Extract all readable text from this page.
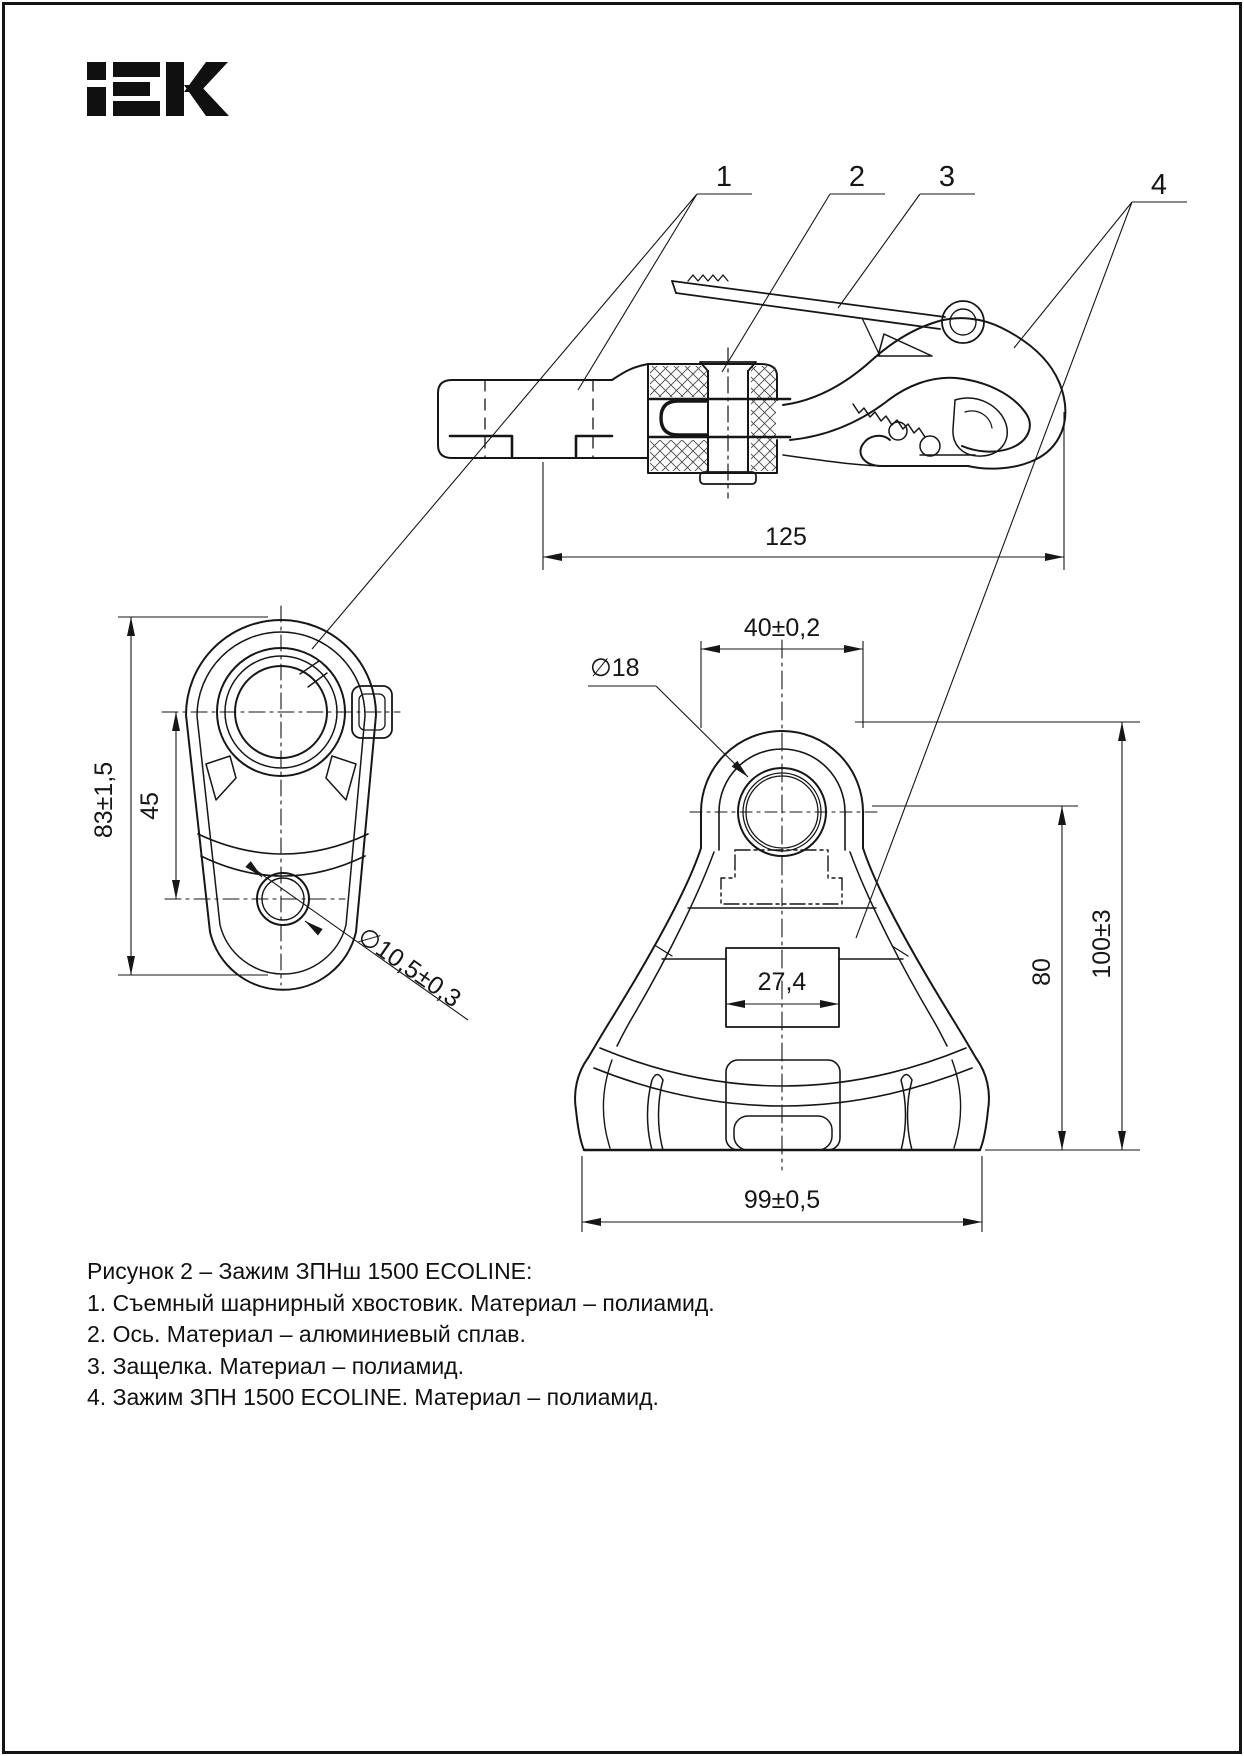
125
1	2	3	4
83±1,5 45
∅10,5±0,3
40±0,2
∅18
27,4	80 100±3
99±0,5
Рисунок 2 – Зажим ЗПНш 1500 ECOLINE:
1. Съемный шарнирный хвостовик. Материал – полиамид.
2. Ось. Материал – алюминиевый сплав.
3. Защелка. Материал – полиамид.
4. Зажим ЗПН 1500 ECOLINE. Материал – полиамид.
